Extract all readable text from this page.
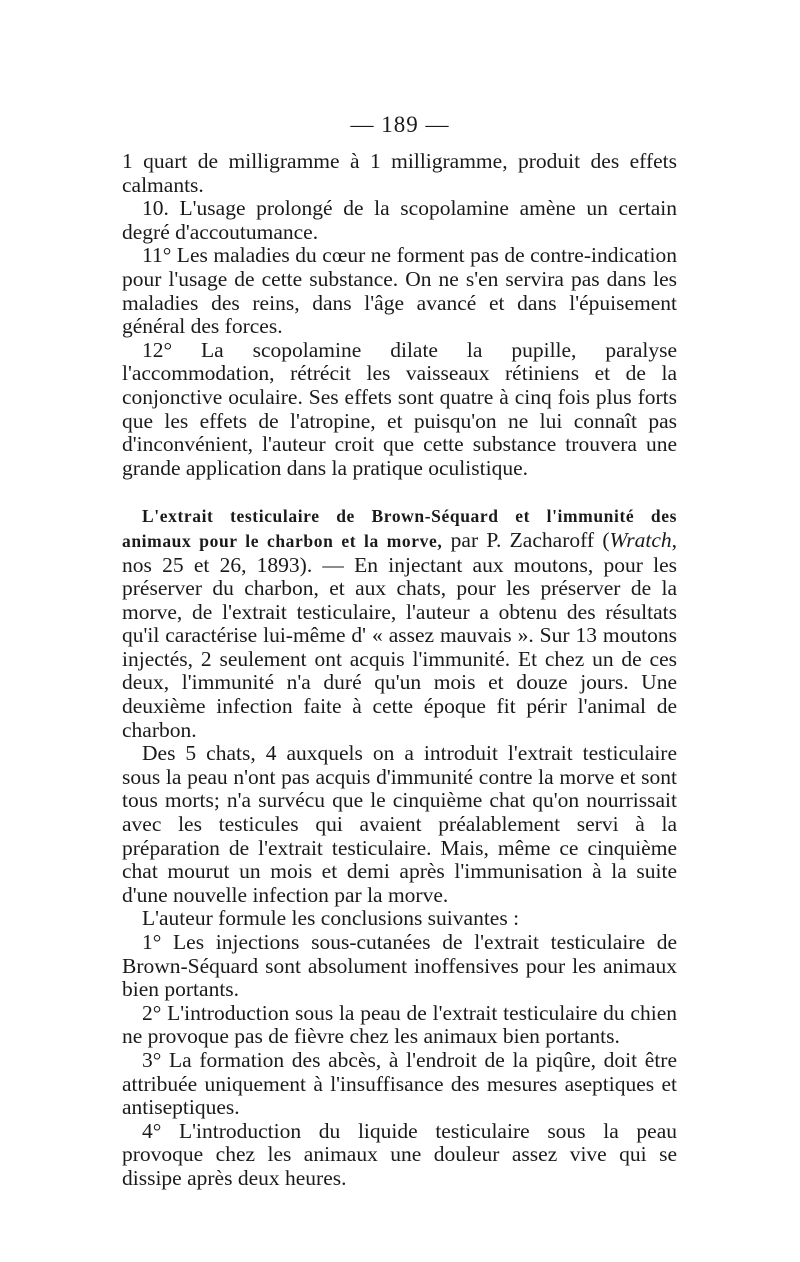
— 189 —

1 quart de milligramme à 1 milligramme, produit des effets calmants.

10. L'usage prolongé de la scopolamine amène un certain degré d'accoutumance.

11° Les maladies du cœur ne forment pas de contre-indication pour l'usage de cette substance. On ne s'en servira pas dans les maladies des reins, dans l'âge avancé et dans l'épuisement général des forces.

12° La scopolamine dilate la pupille, paralyse l'accommodation, rétrécit les vaisseaux rétiniens et de la conjonctive oculaire. Ses effets sont quatre à cinq fois plus forts que les effets de l'atropine, et puisqu'on ne lui connaît pas d'inconvénient, l'auteur croit que cette substance trouvera une grande application dans la pratique oculistique.

L'extrait testiculaire de Brown-Séquard et l'immunité des animaux pour le charbon et la morve, par P. Zacharoff (Wratch, nos 25 et 26, 1893). — En injectant aux moutons, pour les préserver du charbon, et aux chats, pour les préserver de la morve, de l'extrait testiculaire, l'auteur a obtenu des résultats qu'il caractérise lui-même d' « assez mauvais ». Sur 13 moutons injectés, 2 seulement ont acquis l'immunité. Et chez un de ces deux, l'immunité n'a duré qu'un mois et douze jours. Une deuxième infection faite à cette époque fit périr l'animal de charbon.

Des 5 chats, 4 auxquels on a introduit l'extrait testiculaire sous la peau n'ont pas acquis d'immunité contre la morve et sont tous morts; n'a survécu que le cinquième chat qu'on nourrissait avec les testicules qui avaient préalablement servi à la préparation de l'extrait testiculaire. Mais, même ce cinquième chat mourut un mois et demi après l'immunisation à la suite d'une nouvelle infection par la morve.

L'auteur formule les conclusions suivantes :

1° Les injections sous-cutanées de l'extrait testiculaire de Brown-Séquard sont absolument inoffensives pour les animaux bien portants.

2° L'introduction sous la peau de l'extrait testiculaire du chien ne provoque pas de fièvre chez les animaux bien portants.

3° La formation des abcès, à l'endroit de la piqûre, doit être attribuée uniquement à l'insuffisance des mesures aseptiques et antiseptiques.

4° L'introduction du liquide testiculaire sous la peau provoque chez les animaux une douleur assez vive qui se dissipe après deux heures.
